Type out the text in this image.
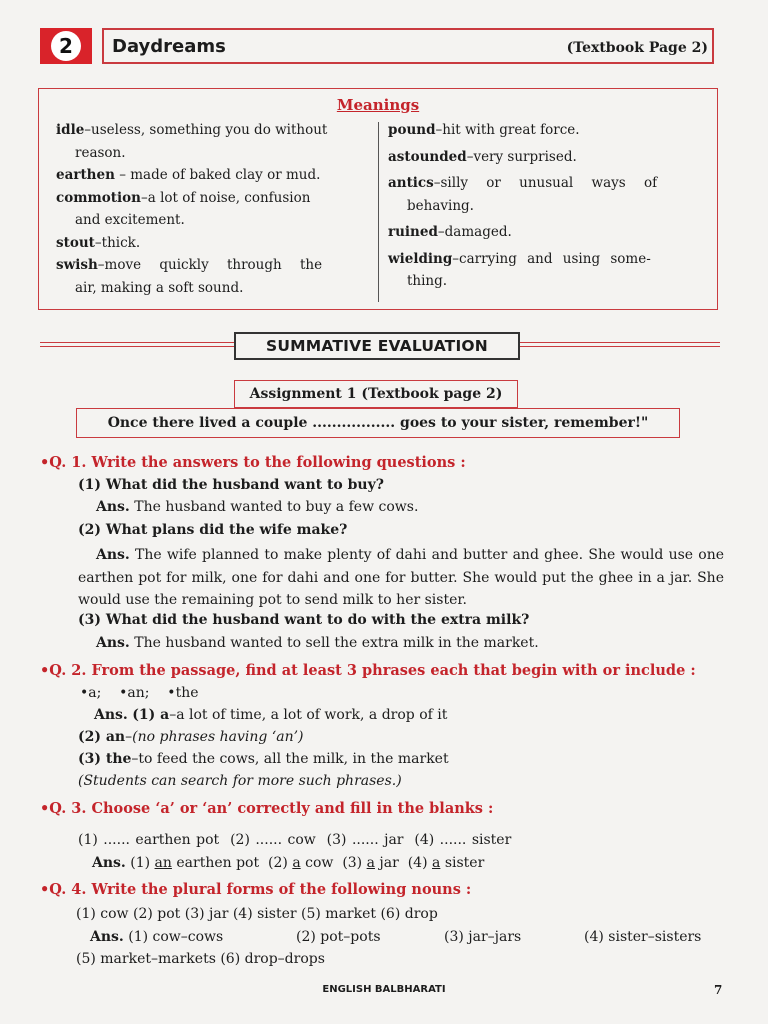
2	Daydreams	(Textbook Page 2)
Meanings

idle–useless, something you do without

reason.

earthen – made of baked clay or mud.

commotion–a lot of noise, confusion

and excitement.

stout–thick.

swish–move quickly through the

air, making a soft sound.

pound–hit with great force.

astounded–very surprised.

antics–silly or unusual ways of

behaving.

ruined–damaged.

wielding–carrying and using some-

thing.

SUMMATIVE EVALUATION
Assignment 1 (Textbook page 2)
Once there lived a couple ................. goes to your sister, remember!"
•Q. 1. Write the answers to the following questions :
(1) What did the husband want to buy?
Ans. The husband wanted to buy a few cows.
(2) What plans did the wife make?
Ans. The wife planned to make plenty of dahi and butter and ghee. She would use one earthen pot for milk, one for dahi and one for butter. She would put the ghee in a jar. She would use the remaining pot to send milk to her sister.
(3) What did the husband want to do with the extra milk?
Ans. The husband wanted to sell the extra milk in the market.
•Q. 2. From the passage, find at least 3 phrases each that begin with or include :
•a;    •an;    •the
Ans. (1) a–a lot of time, a lot of work, a drop of it
(2) an–(no phrases having ‘an’)
(3) the–to feed the cows, all the milk, in the market
(Students can search for more such phrases.)
•Q. 3. Choose ‘a’ or ‘an’ correctly and fill in the blanks :
(1) ...... earthen pot (2) ...... cow (3) ...... jar (4) ...... sister
Ans. (1) an earthen pot (2) a cow (3) a jar (4) a sister
•Q. 4. Write the plural forms of the following nouns :
(1) cow (2) pot (3) jar (4) sister (5) market (6) drop
Ans. (1) cow–cows	(2) pot–pots	(3) jar–jars	(4) sister–sisters
(5) market–markets (6) drop–drops
ENGLISH BALBHARATI	7
